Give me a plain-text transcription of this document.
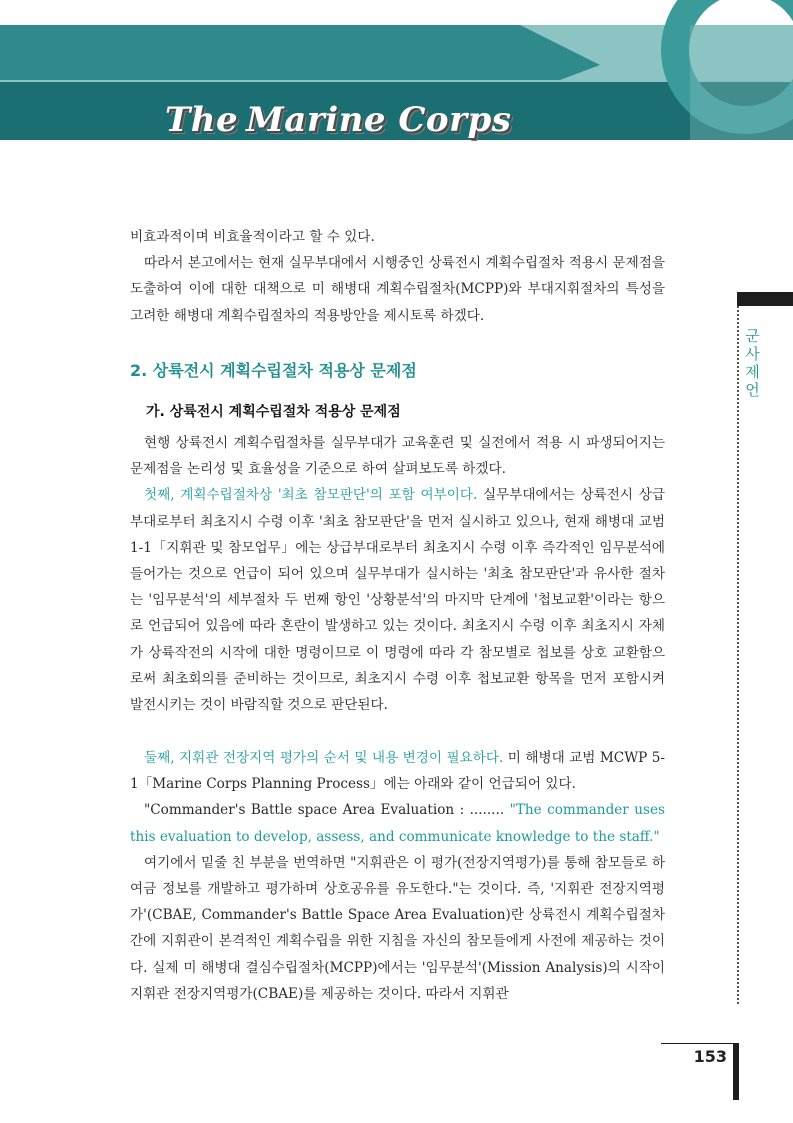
The Marine Corps
군사제언

비효과적이며 비효율적이라고 할 수 있다.

따라서 본고에서는 현재 실무부대에서 시행중인 상륙전시 계획수립절차 적용시 문제점을 도출하여 이에 대한 대책으로 미 해병대 계획수립절차(MCPP)와 부대지휘절차의 특성을 고려한 해병대 계획수립절차의 적용방안을 제시토록 하겠다.

2. 상륙전시 계획수립절차 적용상 문제점
가. 상륙전시 계획수립절차 적용상 문제점

현행 상륙전시 계획수립절차를 실무부대가 교육훈련 및 실전에서 적용 시 파생되어지는 문제점을 논리성 및 효율성을 기준으로 하여 살펴보도록 하겠다.

첫째, 계획수립절차상 '최초 참모판단'의 포함 여부이다. 실무부대에서는 상륙전시 상급부대로부터 최초지시 수령 이후 '최초 참모판단'을 먼저 실시하고 있으나, 현재 해병대 교범 1-1「지휘관 및 참모업무」에는 상급부대로부터 최초지시 수령 이후 즉각적인 임무분석에 들어가는 것으로 언급이 되어 있으며 실무부대가 실시하는 '최초 참모판단'과 유사한 절차는 '임무분석'의 세부절차 두 번째 항인 '상황분석'의 마지막 단계에 '첩보교환'이라는 항으로 언급되어 있음에 따라 혼란이 발생하고 있는 것이다. 최초지시 수령 이후 최초지시 자체가 상륙작전의 시작에 대한 명령이므로 이 명령에 따라 각 참모별로 첩보를 상호 교환함으로써 최초회의를 준비하는 것이므로, 최초지시 수령 이후 첩보교환 항목을 먼저 포함시켜 발전시키는 것이 바람직할 것으로 판단된다.

둘째, 지휘관 전장지역 평가의 순서 및 내용 변경이 필요하다. 미 해병대 교범 MCWP 5-1「Marine Corps Planning Process」에는 아래와 같이 언급되어 있다.

"Commander's Battle space Area Evaluation : ........ "The commander uses this evaluation to develop, assess, and communicate knowledge to the staff."

여기에서 밑줄 친 부분을 번역하면 "지휘관은 이 평가(전장지역평가)를 통해 참모들로 하여금 정보를 개발하고 평가하며 상호공유를 유도한다."는 것이다. 즉, '지휘관 전장지역평가'(CBAE, Commander's Battle Space Area Evaluation)란 상륙전시 계획수립절차간에 지휘관이 본격적인 계획수립을 위한 지침을 자신의 참모들에게 사전에 제공하는 것이다. 실제 미 해병대 결심수립절차(MCPP)에서는 '임무분석'(Mission Analysis)의 시작이 지휘관 전장지역평가(CBAE)를 제공하는 것이다. 따라서 지휘관

153
